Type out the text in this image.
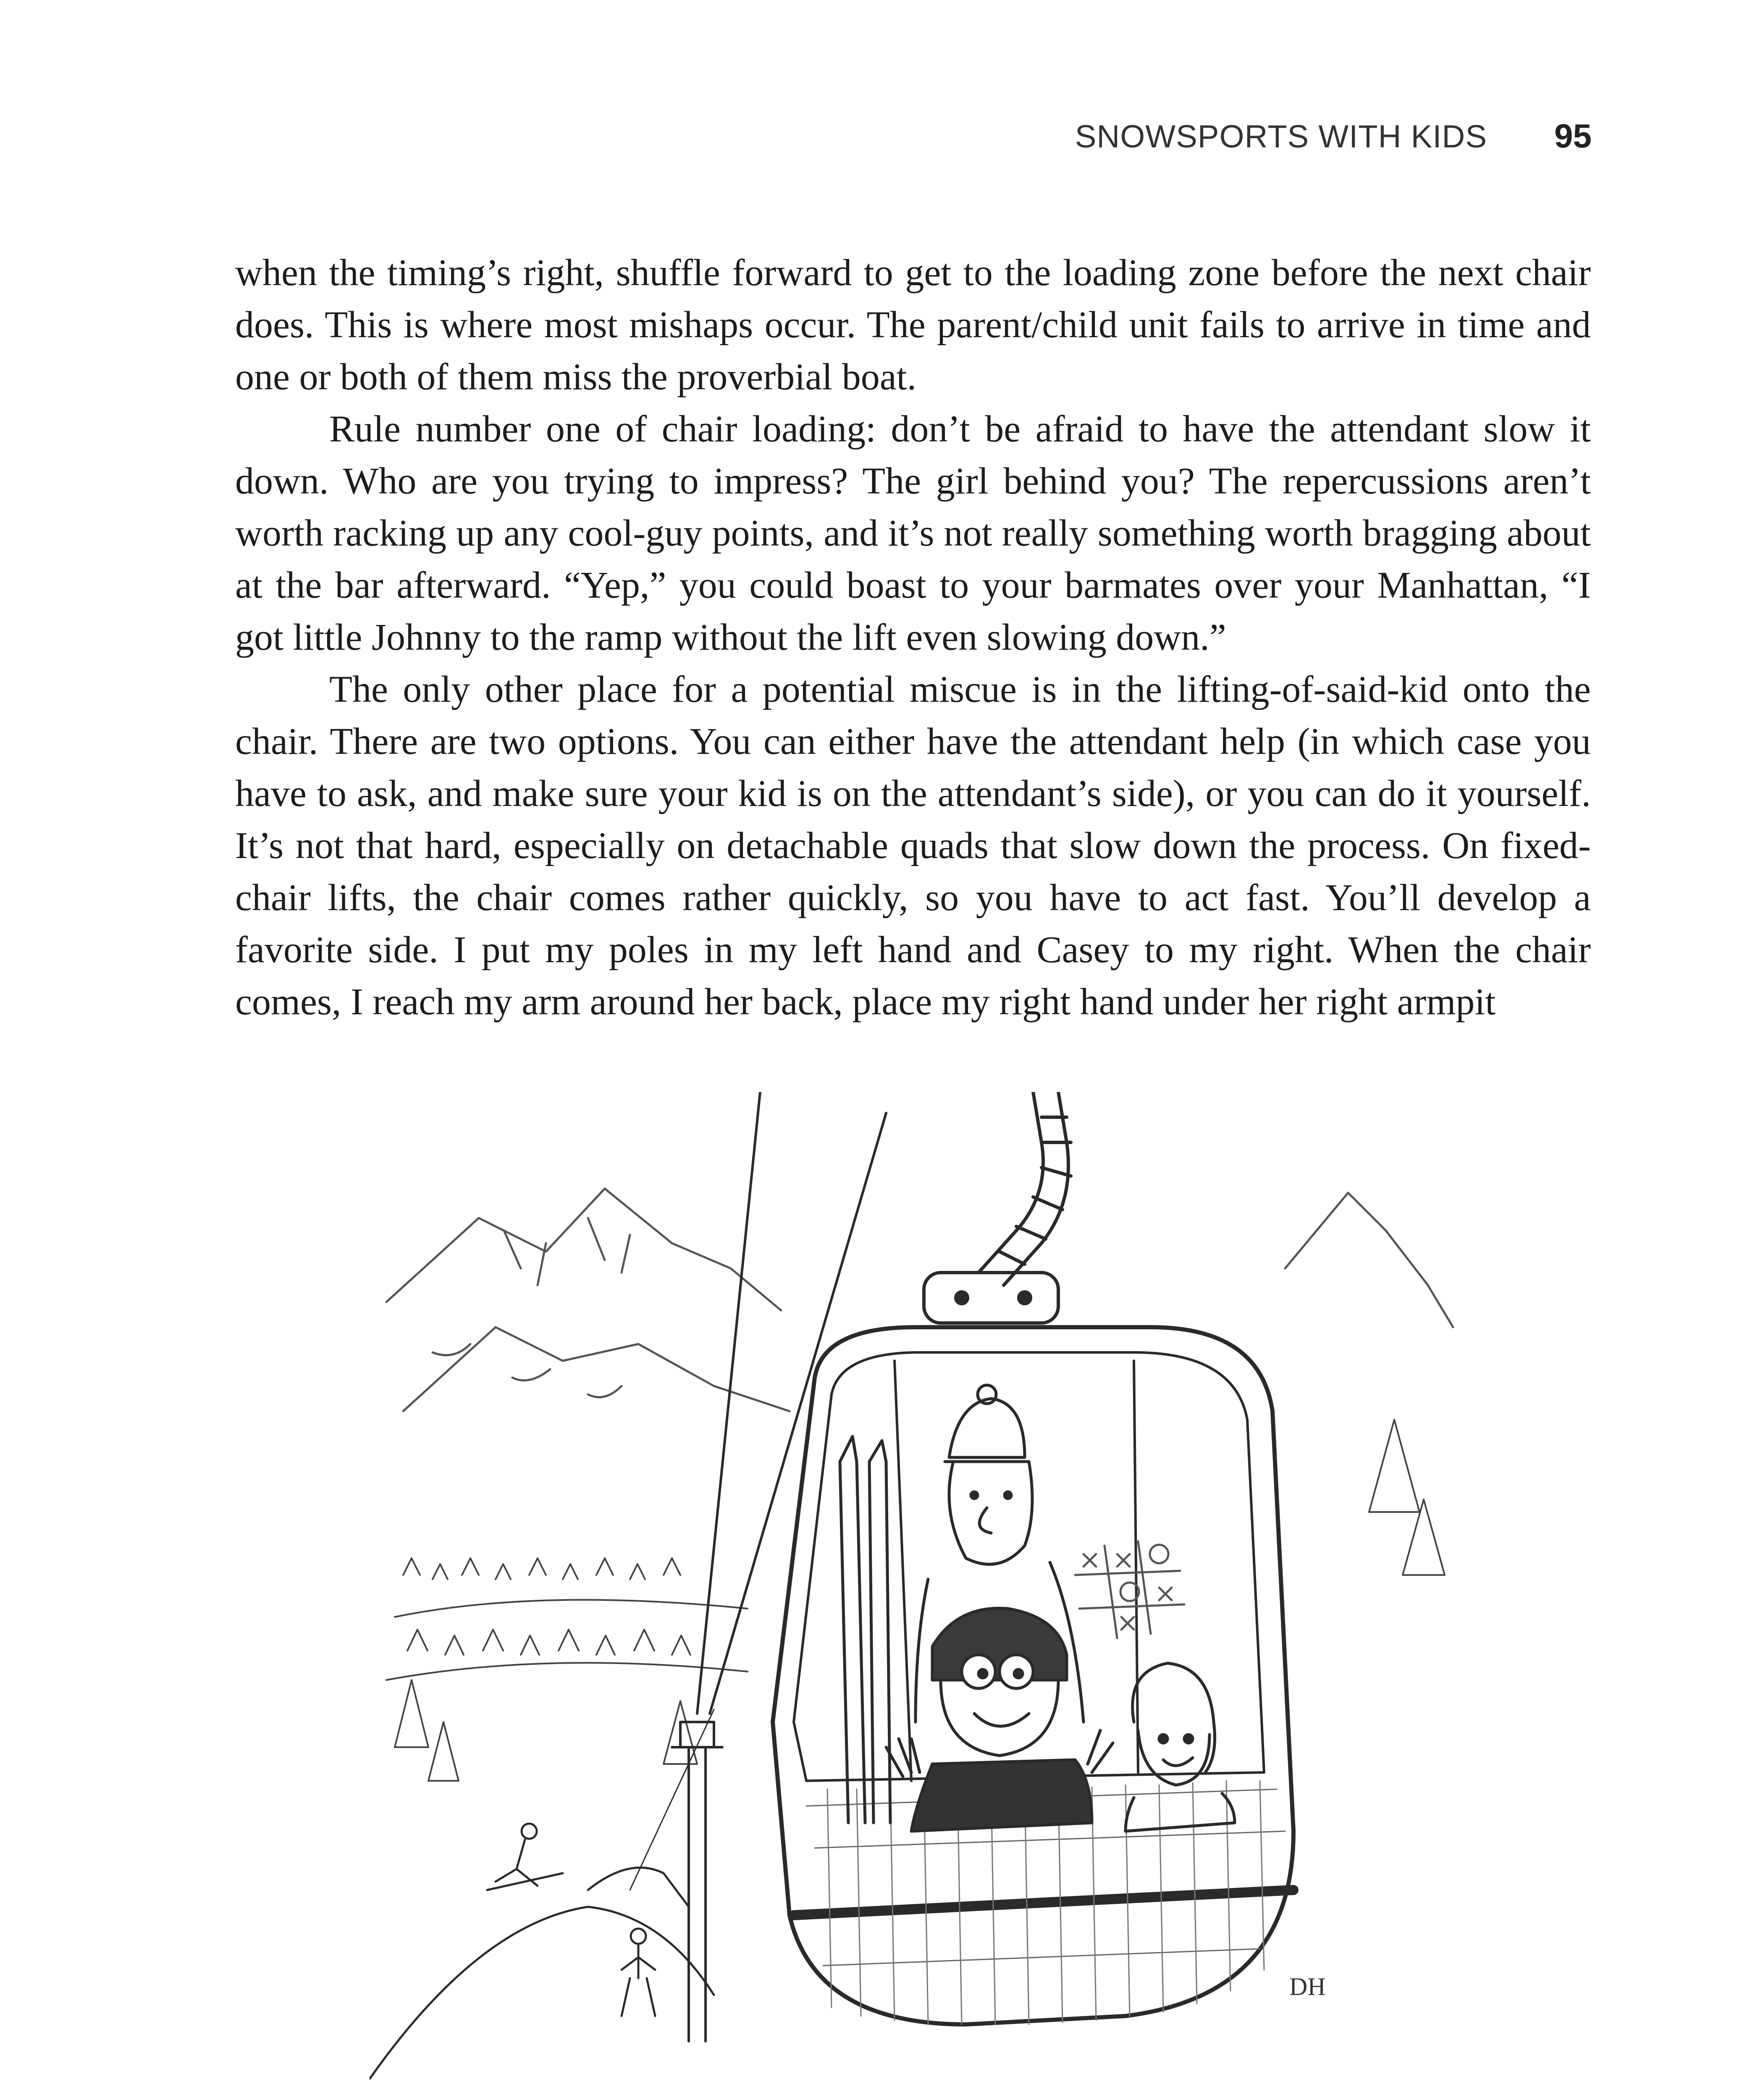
SNOWSPORTS WITH KIDS 95

when the timing’s right, shuffle forward to get to the loading zone before the next chair does. This is where most mishaps occur. The parent/child unit fails to arrive in time and one or both of them miss the proverbial boat.

Rule number one of chair loading: don’t be afraid to have the attendant slow it down. Who are you trying to impress? The girl behind you? The repercussions aren’t worth racking up any cool-guy points, and it’s not really something worth bragging about at the bar afterward. “Yep,” you could boast to your barmates over your Manhattan, “I got little Johnny to the ramp without the lift even slowing down.”

The only other place for a potential miscue is in the lifting-of-said-kid onto the chair. There are two options. You can either have the attendant help (in which case you have to ask, and make sure your kid is on the attendant’s side), or you can do it yourself. It’s not that hard, especially on detachable quads that slow down the process. On fixed-chair lifts, the chair comes rather quickly, so you have to act fast. You’ll develop a favorite side. I put my poles in my left hand and Casey to my right. When the chair comes, I reach my arm around her back, place my right hand under her right armpit

DH
